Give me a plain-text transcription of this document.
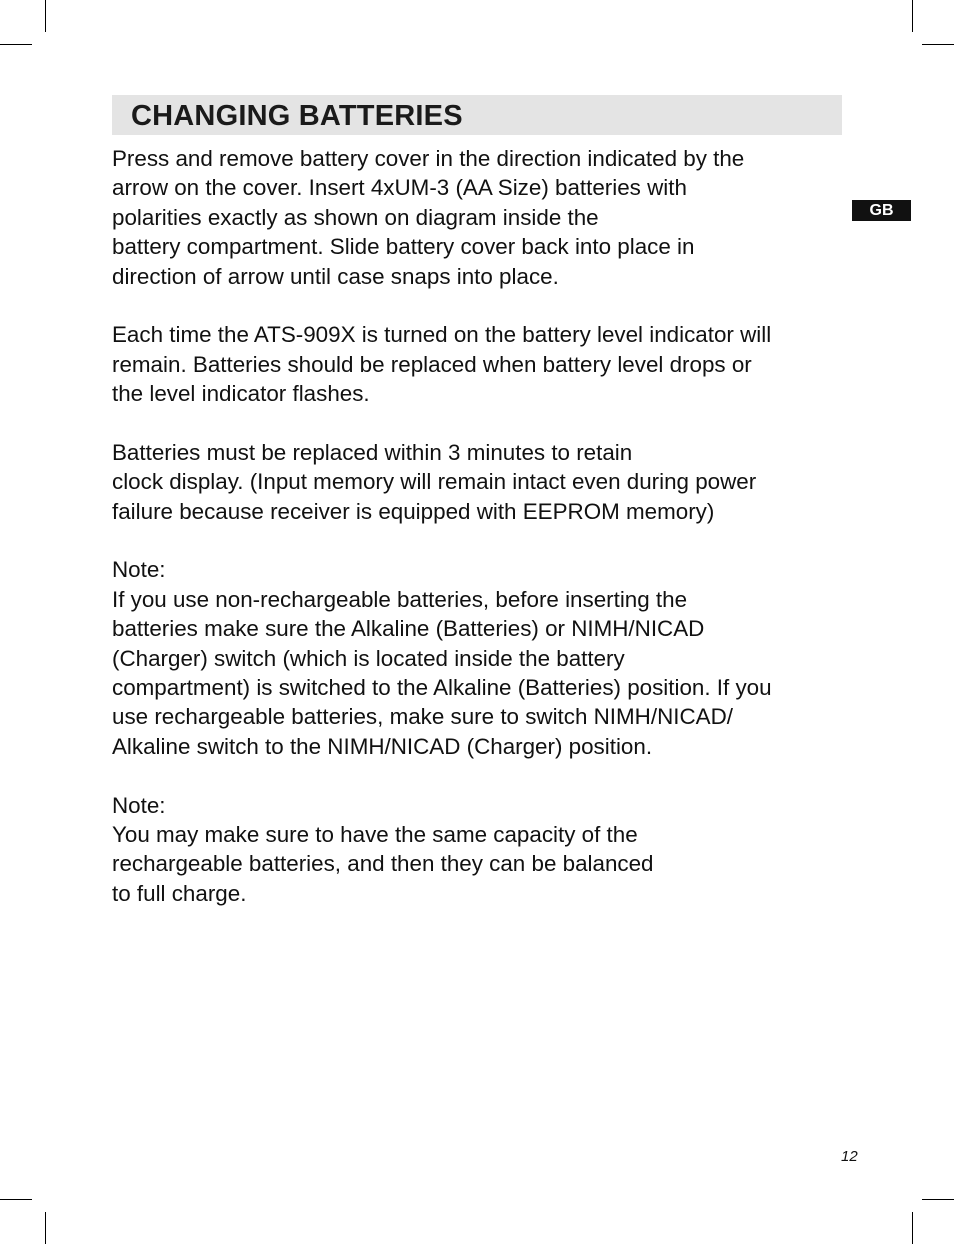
CHANGING BATTERIES
GB
Press and remove battery cover in the direction indicated by the
arrow on the cover. Insert 4xUM-3 (AA Size) batteries with
polarities exactly as shown on diagram inside the
battery compartment. Slide battery cover back into place in
direction of arrow until case snaps into place.
Each time the ATS-909X is turned on the battery level indicator will
remain. Batteries should be replaced when battery level drops or
the level indicator flashes.
Batteries must be replaced within 3 minutes to retain
clock display. (Input memory will remain intact even during power
failure because receiver is equipped with EEPROM memory)
Note:
If you use non-rechargeable batteries, before inserting the
batteries make sure the Alkaline (Batteries) or NIMH/NICAD
(Charger) switch (which is located inside the battery
compartment) is switched to the Alkaline (Batteries) position. If you
use rechargeable batteries, make sure to switch NIMH/NICAD/
Alkaline switch to the NIMH/NICAD (Charger) position.
Note:
You may make sure to have the same capacity of the
rechargeable batteries, and then they can be balanced
to full charge.
12
